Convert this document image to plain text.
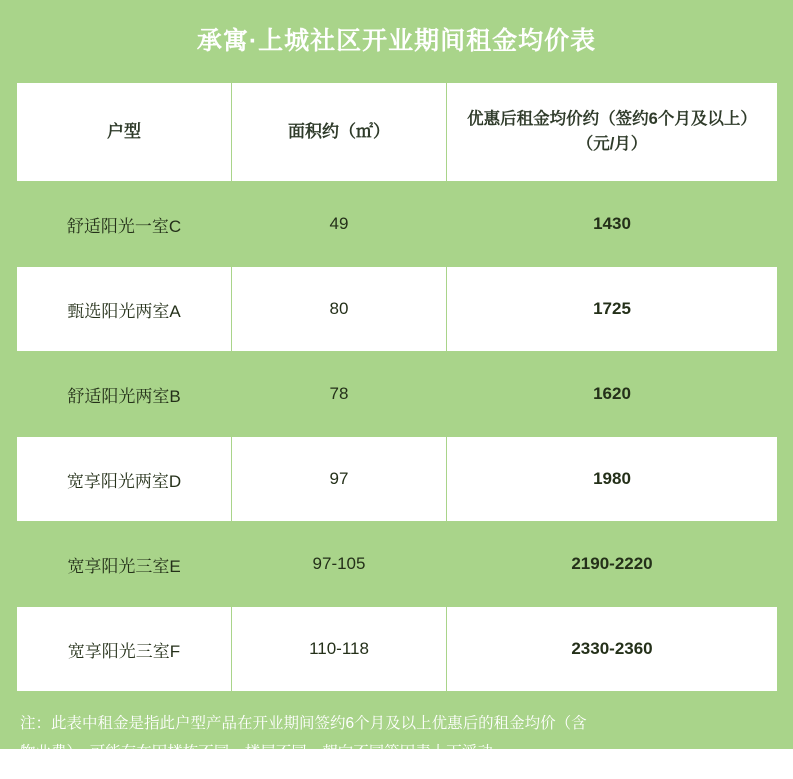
承寓·上城社区开业期间租金均价表
户型	面积约（㎡）	优惠后租金均价约（签约6个月及以上）（元/月）
舒适阳光一室C	49	1430
甄选阳光两室A	80	1725
舒适阳光两室B	78	1620
宽享阳光两室D	97	1980
宽享阳光三室E	97-105	2190-2220
宽享阳光三室F	110-118	2330-2360
注：此表中租金是指此户型产品在开业期间签约6个月及以上优惠后的租金均价（含
物业费），可能存在因楼栋不同、楼层不同、朝向不同等因素上下浮动。
